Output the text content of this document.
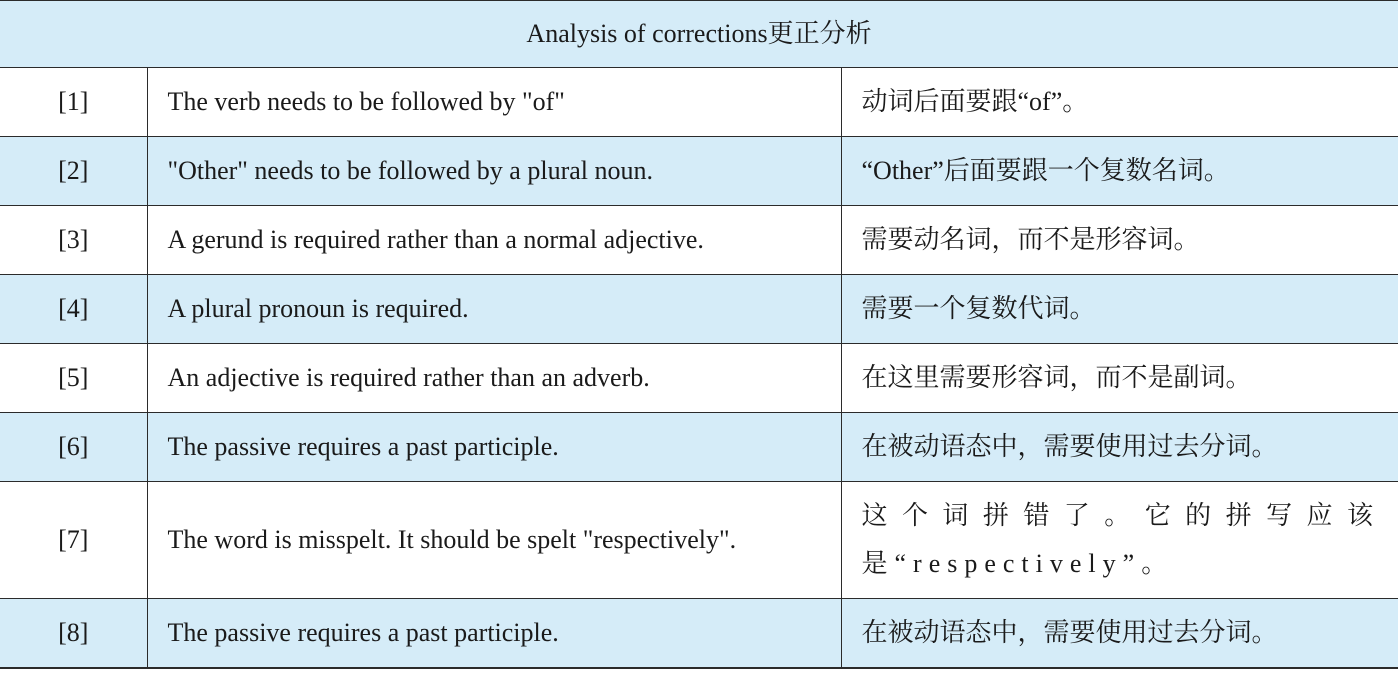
Analysis of corrections更正分析		
[1]	The verb needs to be followed by "of"	动词后面要跟“of”。
[2]	"Other" needs to be followed by a plural noun.	“Other”后面要跟一个复数名词。
[3]	A gerund is required rather than a normal adjective.	需要动名词，而不是形容词。
[4]	A plural pronoun is required.	需要一个复数代词。
[5]	An adjective is required rather than an adverb.	在这里需要形容词，而不是副词。
[6]	The passive requires a past participle.	在被动语态中，需要使用过去分词。
[7]	The word is misspelt. It should be spelt "respectively".	这个词拼错了。它的拼写应该是“respectively”。
[8]	The passive requires a past participle.	在被动语态中，需要使用过去分词。
